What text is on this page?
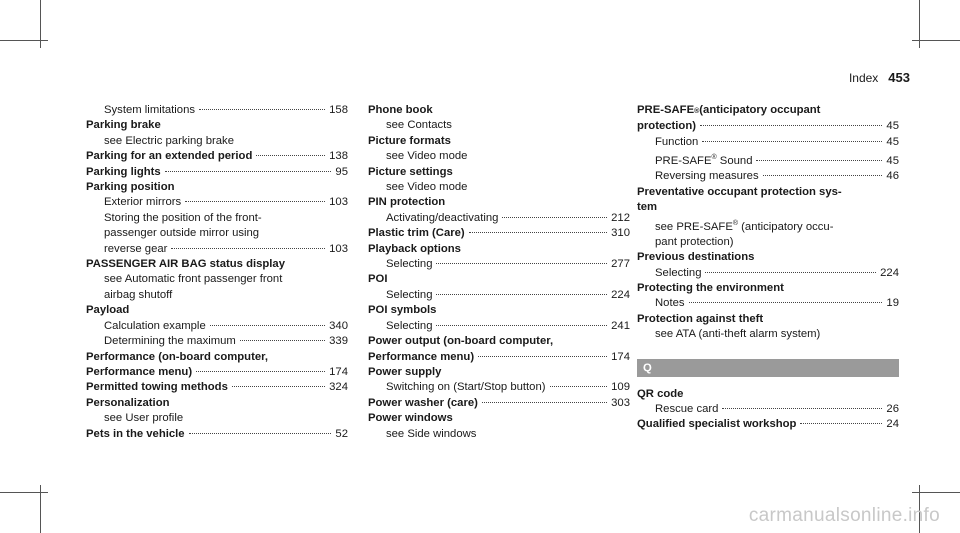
Index 453
System limitations	158
Parking brake
see Electric parking brake
Parking for an extended period	138
Parking lights	95
Parking position
Exterior mirrors	103
Storing the position of the front-
passenger outside mirror using
reverse gear	103
PASSENGER AIR BAG status display
see Automatic front passenger front
airbag shutoff
Payload
Calculation example	340
Determining the maximum	339
Performance (on-board computer,
Performance menu)	174
Permitted towing methods	324
Personalization
see User profile
Pets in the vehicle	52
Phone book
see Contacts
Picture formats
see Video mode
Picture settings
see Video mode
PIN protection
Activating/deactivating	212
Plastic trim (Care)	310
Playback options
Selecting	277
POI
Selecting	224
POI symbols
Selecting	241
Power output (on-board computer,
Performance menu)	174
Power supply
Switching on (Start/Stop button)	109
Power washer (care)	303
Power windows
see Side windows
PRE-SAFE ® (anticipatory occupant
protection)	45
Function	45
PRE-SAFE® Sound	45
Reversing measures	46
Preventative occupant protection sys-
tem
see PRE-SAFE® (anticipatory occu-
pant protection)
Previous destinations
Selecting	224
Protecting the environment
Notes	19
Protection against theft
see ATA (anti-theft alarm system)
Q
QR code
Rescue card	26
Qualified specialist workshop	24
carmanualsonline.info
